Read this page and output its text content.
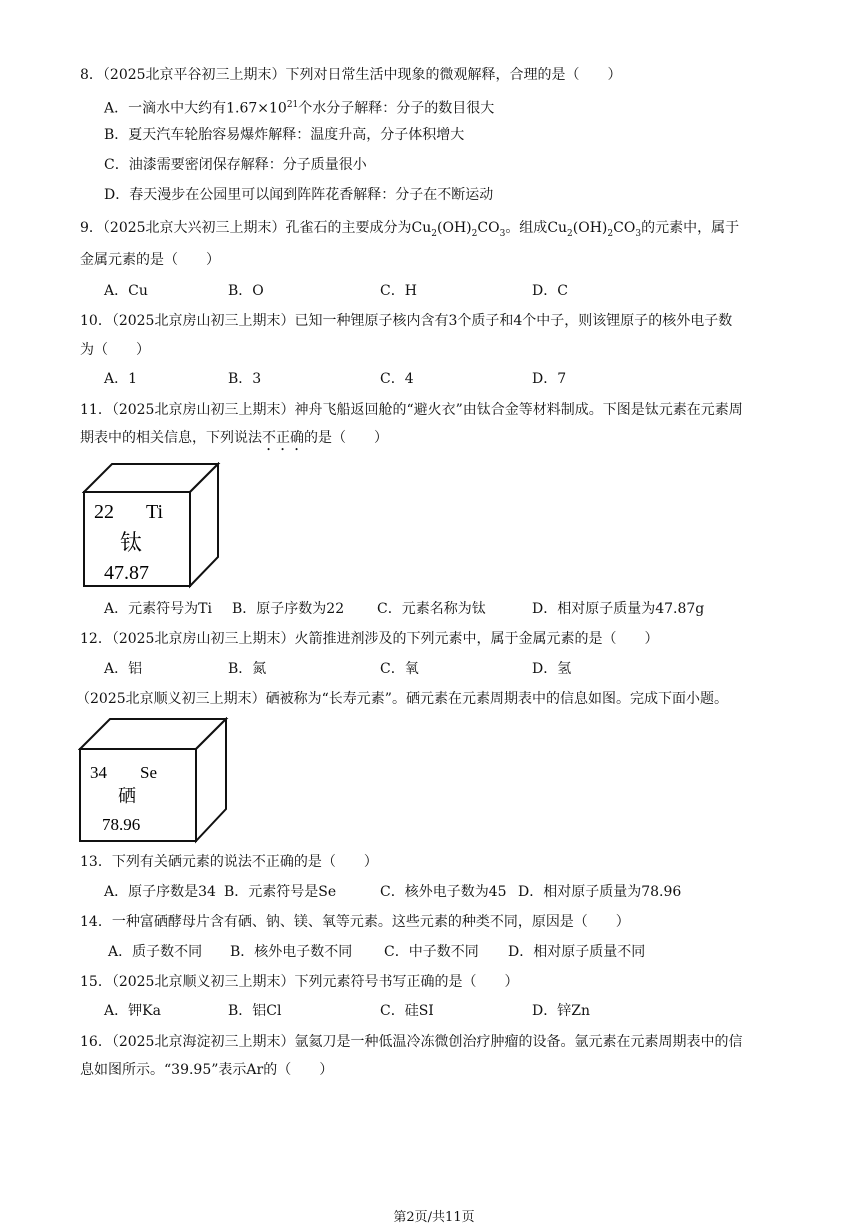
8．（2025北京平谷初三上期末）下列对日常生活中现象的微观解释，合理的是（　　）
A．一滴水中大约有$1.67\times 10^{21}$个水分子解释：分子的数目很大
B．夏天汽车轮胎容易爆炸解释：温度升高，分子体积增大
C．油漆需要密闭保存解释：分子质量很小
D．春天漫步在公园里可以闻到阵阵花香解释：分子在不断运动
9．（2025北京大兴初三上期末）孔雀石的主要成分为$Cu_2(OH)_2CO_3$。组成$Cu_2(OH)_2CO_3$的元素中，属于
金属元素的是（　　）
A．Cu	B．O	C．H	D．C
10．（2025北京房山初三上期末）已知一种锂原子核内含有3个质子和4个中子，则该锂原子的核外电子数
为（　　）
A．1	B．3	C．4	D．7
11．（2025北京房山初三上期末）神舟飞船返回舱的“避火衣”由钛合金等材料制成。下图是钛元素在元素周
期表中的相关信息，下列说法不正确的是（　　）
22 Ti
钛
47.87
A．元素符号为Ti B．原子序数为22 C．元素名称为钛	D．相对原子质量为47.87g
12．（2025北京房山初三上期末）火箭推进剂涉及的下列元素中，属于金属元素的是（　　）
A．铝	B．氮	C．氧	D．氢
（2025北京顺义初三上期末）硒被称为“长寿元素”。硒元素在元素周期表中的信息如图。完成下面小题。
34 Se
硒
78.96
13．下列有关硒元素的说法不正确的是（　　）
A．原子序数是34 B．元素符号是Se	C．核外电子数为45 D．相对原子质量为78.96
14．一种富硒酵母片含有硒、钠、镁、氧等元素。这些元素的种类不同，原因是（　　）
A．质子数不同 B．核外电子数不同 C．中子数不同 D．相对原子质量不同
15．（2025北京顺义初三上期末）下列元素符号书写正确的是（　　）
A．钾Ka	B．铝Cl	C．硅SI	D．锌Zn
16．（2025北京海淀初三上期末）氩氦刀是一种低温冷冻微创治疗肿瘤的设备。氩元素在元素周期表中的信
息如图所示。“39.95”表示Ar的（　　）
第2页/共11页
